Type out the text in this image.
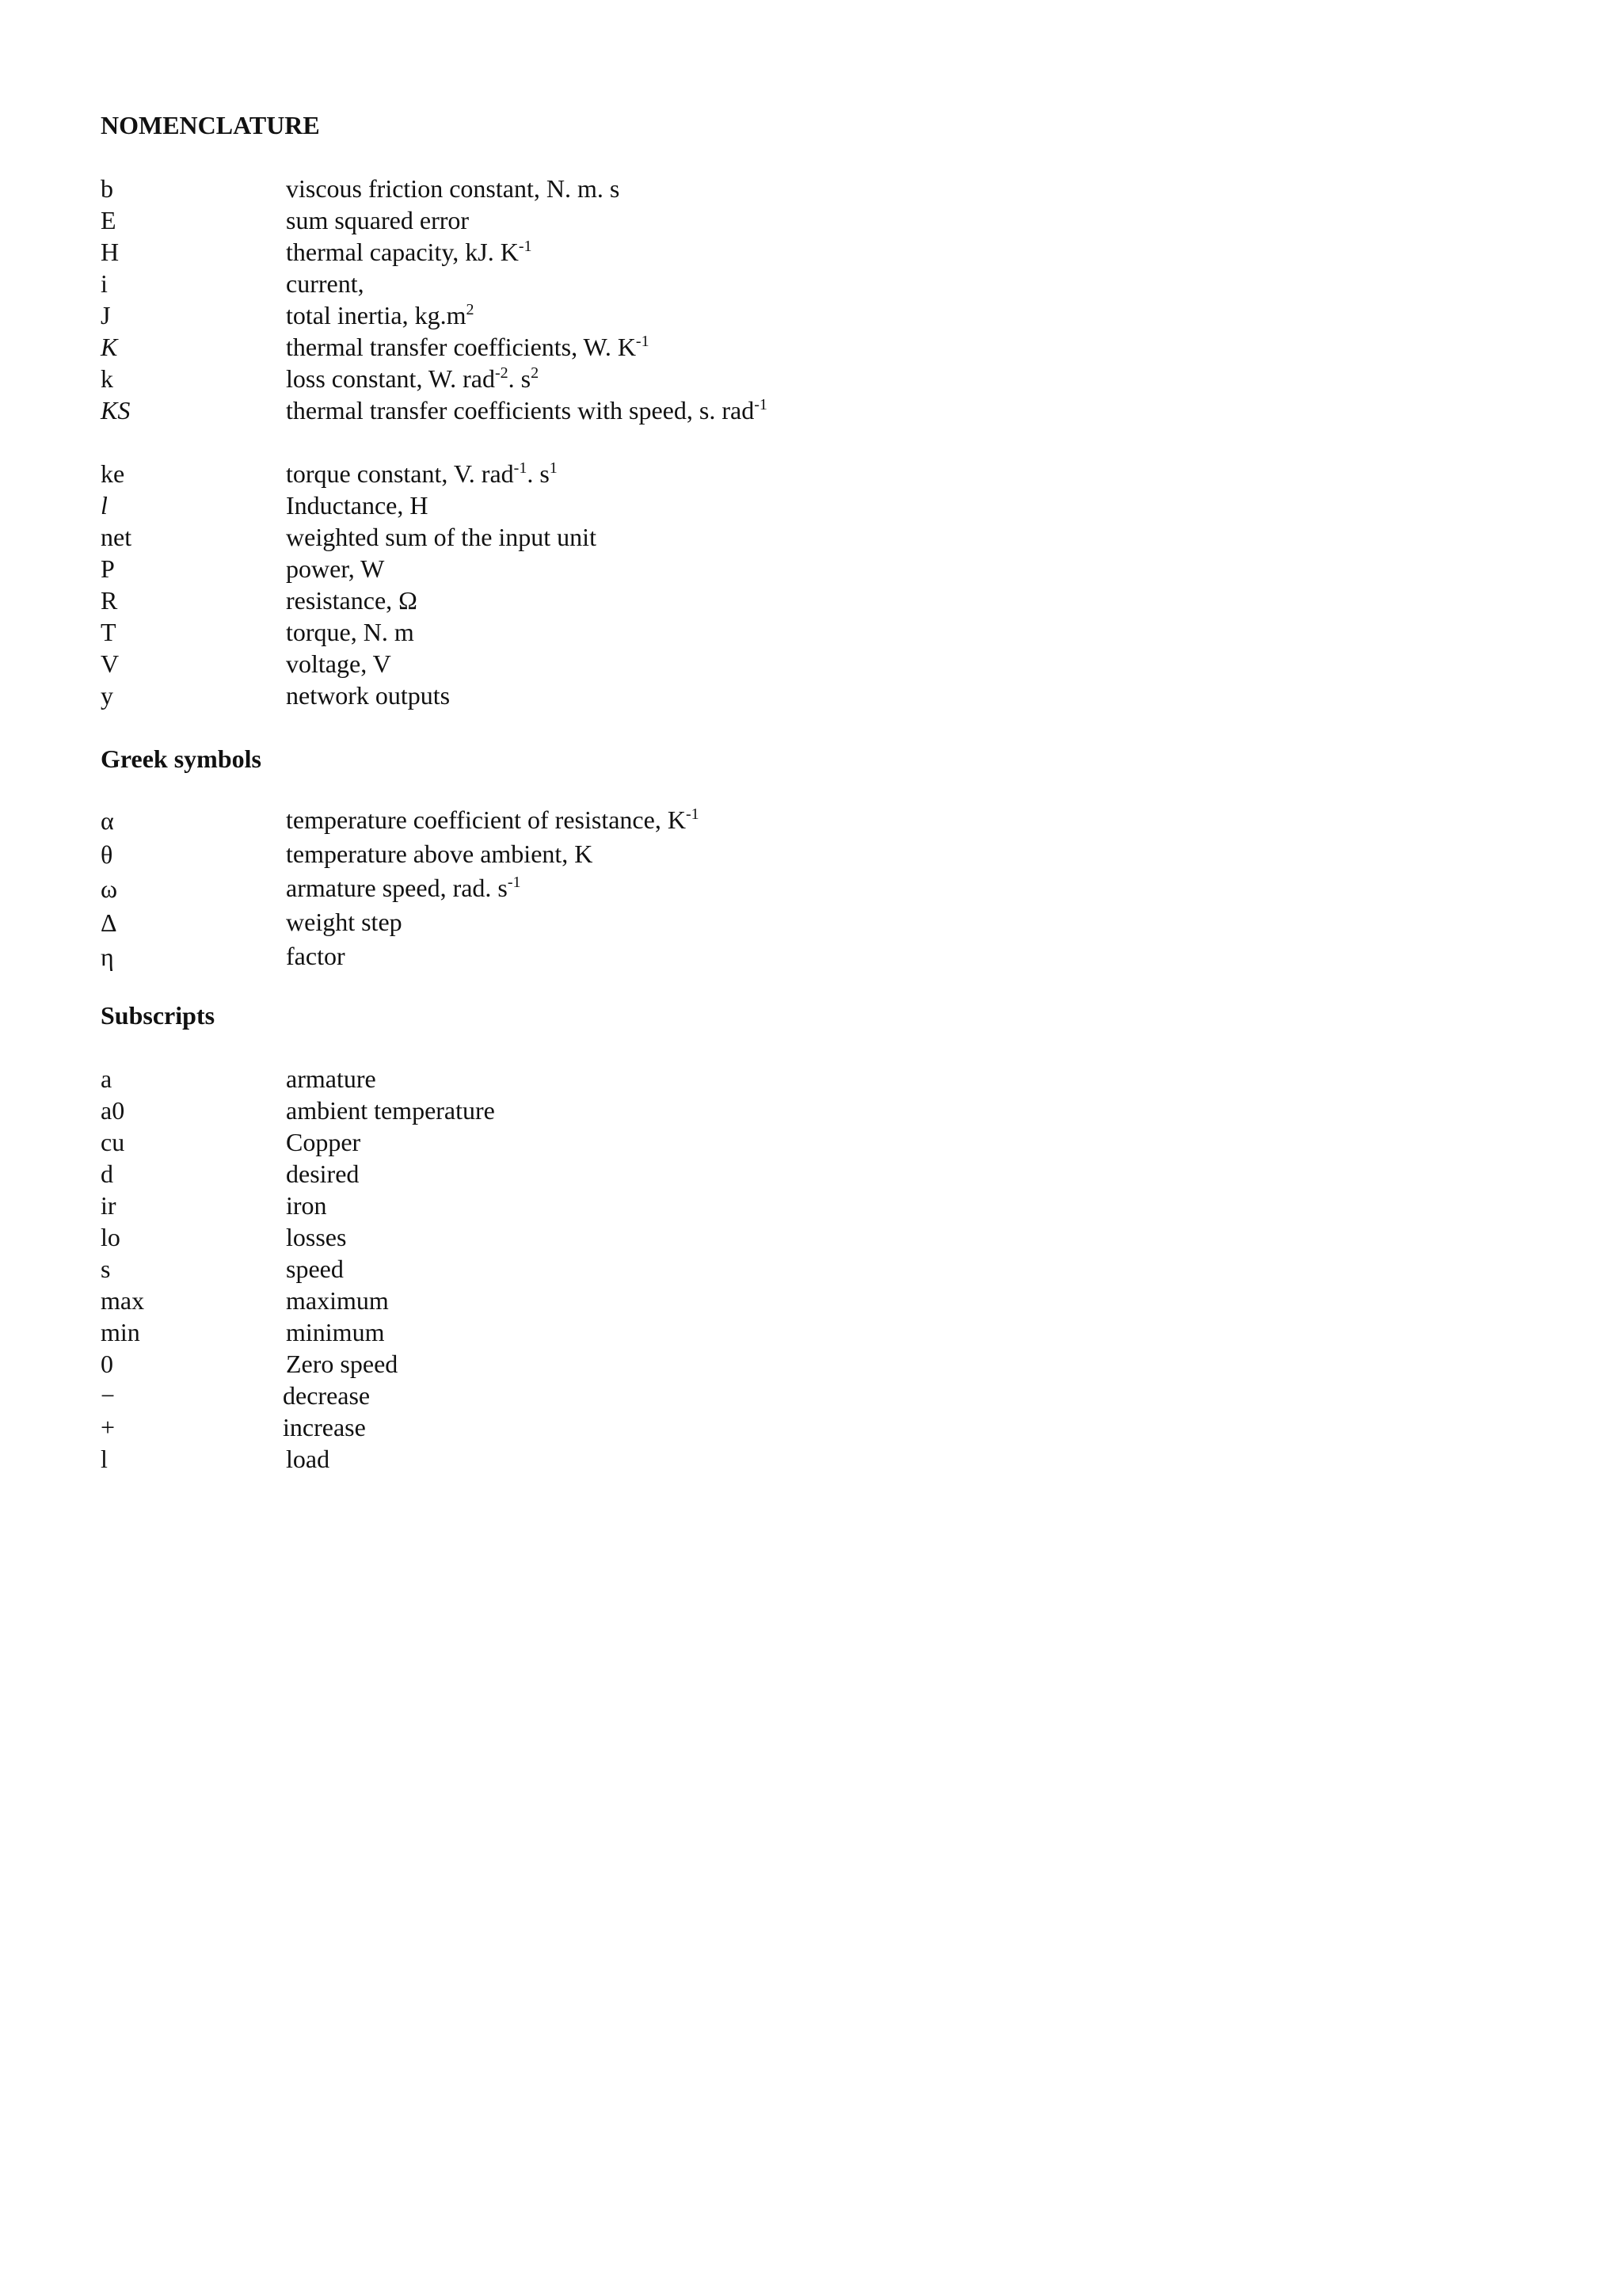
NOMENCLATURE
b	viscous friction constant, N. m. s
E	sum squared error
H	thermal capacity, kJ. $K^{-1}$
i	current,
J	total inertia, $kg.m^2$
K	thermal transfer coefficients, W. $K^{-1}$
k	loss constant, W. rad$^{-2}$. $s^2$
KS	thermal transfer coefficients with speed, s. rad$^{-1}$
ke	torque constant, V. rad$^{-1}$. $s^1$
l	Inductance, H
net	weighted sum of the input unit
P	power, W
R	resistance, Ω
T	torque, N. m
V	voltage, V
y	network outputs
Greek symbols
α	temperature coefficient of resistance, $K^{-1}$
θ	temperature above ambient, K
ω	armature speed, rad. $s^{-1}$
Δ	weight step
η	factor
Subscripts
a	armature
a0	ambient temperature
cu	Copper
d	desired
ir	iron
lo	losses
s	speed
max	maximum
min	minimum
0	Zero speed
−	decrease
+	increase
l	load
